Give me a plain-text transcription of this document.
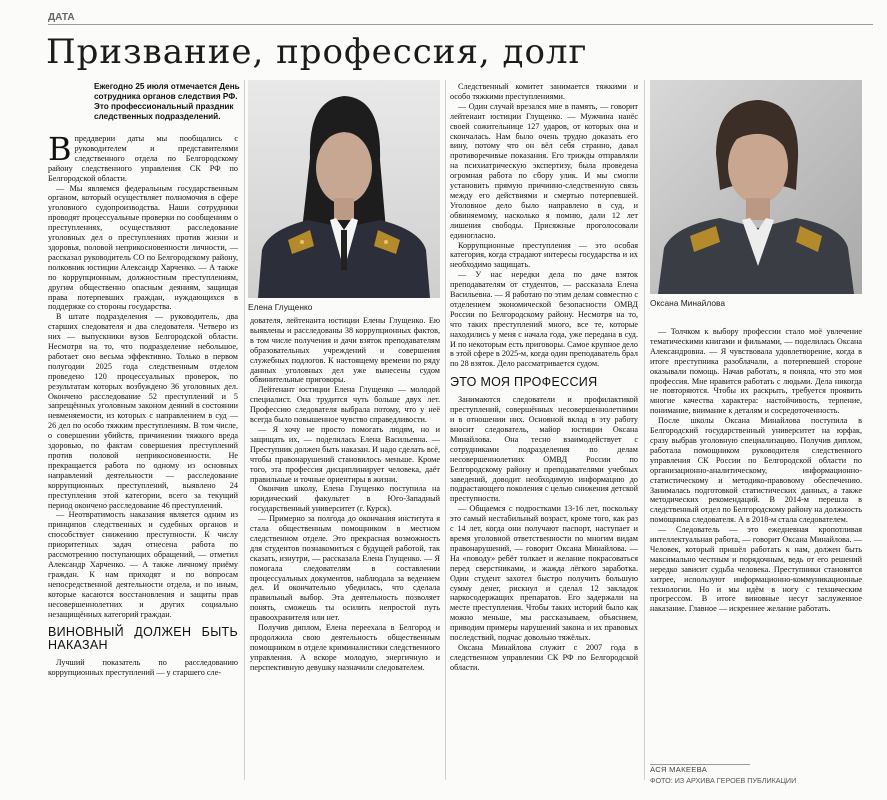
ДАТА
Призвание, профессия, долг
Ежегодно 25 июля отмечается День сотрудника органов следствия РФ. Это профессиональный праздник следственных подразделений.

Впреддверии даты мы пообщались с руководителем и представителями следственного отдела по Белгородскому району следственного управления СК РФ по Белгородской области.

— Мы являемся федеральным государственным органом, который осуществляет полномочия в сфере уголовного судопроизводства. Наши сотрудники проводят процессуальные проверки по сообщениям о преступлениях, осуществляют расследование уголовных дел о преступлениях против жизни и здоровья, половой неприкосновенности личности, — рассказал руководитель СО по Белгородскому району, полковник юстиции Александр Харченко. — А также по коррупционным, должностным преступлениям, другим общественно опасным деяниям, защищая права потерпевших граждан, нуждающихся в поддержке со стороны государства.

В штате подразделения — руководитель, два старших следователя и два следователя. Четверо из них — выпускники вузов Белгородской области. Несмотря на то, что подразделение небольшое, работает оно весьма эффективно. Только в первом полугодии 2025 года следственным отделом проведено 120 процессуальных проверок, по результатам которых возбуждено 36 уголовных дел. Окончено расследование 52 преступлений и 5 запрещённых уголовным законом деяний в состоянии невменяемости, из которых с направлением в суд — 26 дел по особо тяжким преступлениям. В том числе, о совершении убийств, причинении тяжкого вреда здоровью, по фактам совершения преступлений против половой неприкосновенности. Не прекращается работа по одному из основных направлений деятельности — расследование коррупционных преступлений, выявлено 24 преступления этой категории, всего за текущий период окончено расследование 46 преступлений.

— Неотвратимость наказания является одним из принципов следственных и судебных органов и способствует снижению преступности. К числу приоритетных задач отнесена работа по рассмотрению поступающих обращений, — отметил Александр Харченко. — А также личному приёму граждан. К нам приходят и по вопросам непосредственной деятельности отдела, и по иным, которые касаются восстановления и защиты прав несовершеннолетних и других социально незащищённых категорий граждан.

ВИНОВНЫЙ ДОЛЖЕН БЫТЬ НАКАЗАН

Лучший показатель по расследованию коррупционных преступлений — у старшего сле-

Елена Глущенко

дователя, лейтенанта юстиции Елены Глущенко. Ею выявлены и расследованы 38 коррупционных фактов, в том числе получения и дачи взяток преподавателям образовательных учреждений и совершения служебных подлогов. К настоящему времени по ряду данных уголовных дел уже вынесены судом обвинительные приговоры.

Лейтенант юстиции Елена Глущенко — молодой специалист. Она трудится чуть больше двух лет. Профессию следователя выбрала потому, что у неё всегда было повышенное чувство справедливости.

— Я хочу не просто помогать людям, но и защищать их, — поделилась Елена Васильевна. — Преступник должен быть наказан. И надо сделать всё, чтобы правонарушений становилось меньше. Кроме того, эта профессия дисциплинирует человека, даёт правильные и точные ориентиры в жизни.

Окончив школу, Елена Глущенко поступила на юридический факультет в Юго-Западный государственный университет (г. Курск).

— Примерно за полгода до окончания института я стала общественным помощником в местном следственном отделе. Это прекрасная возможность для студентов познакомиться с будущей работой, так сказать, изнутри, — рассказала Елена Глущенко. — Я помогала следователям в составлении процессуальных документов, наблюдала за ведением дел. И окончательно убедилась, что сделала правильный выбор. Эта деятельность позволяет понять, сможешь ты осилить непростой путь правоохранителя или нет.

Получив диплом, Елена переехала в Белгород и продолжила свою деятельность общественным помощником в отделе криминалистики следственного управления. А вскоре молодую, энергичную и перспективную девушку назначили следователем.

Следственный комитет занимается тяжкими и особо тяжкими преступлениями.

— Один случай врезался мне в память, — говорит лейтенант юстиции Глущенко. — Мужчина нанёс своей сожительнице 127 ударов, от которых она и скончалась. Нам было очень трудно доказать его вину, потому что он вёл себя странно, давал противоречивые показания. Его трижды отправляли на психиатрическую экспертизу, была проведена огромная работа по сбору улик. И мы смогли установить прямую причинно-следственную связь между его действиями и смертью потерпевшей. Уголовное дело было направлено в суд, и обвиняемому, насколько я помню, дали 12 лет лишения свободы. Присяжные проголосовали единогласно.

Коррупционные преступления — это особая категория, когда страдают интересы государства и их необходимо защищать.

— У нас нередки дела по даче взяток преподавателям от студентов, — рассказала Елена Васильевна. — Я работаю по этим делам совместно с отделением экономической безопасности ОМВД России по Белгородскому району. Несмотря на то, что таких преступлений много, все те, которые находились у меня с начала года, уже передана в суд. И по некоторым есть приговоры. Самое крупное дело в этой сфере в 2025-м, когда один преподаватель брал по 28 взяток. Дело рассматривается судом.

ЭТО МОЯ ПРОФЕССИЯ

Занимаются следователи и профилактикой преступлений, совершённых несовершеннолетними и в отношении них. Основной вклад в эту работу вносит следователь, майор юстиции Оксана Минайлова. Она тесно взаимодействует с сотрудниками подразделения по делам несовершеннолетних ОМВД России по Белгородскому району и преподавателями учебных заведений, доводит необходимую информацию до подрастающего поколения с целью снижения детской преступности.

— Общаемся с подростками 13-16 лет, поскольку это самый нестабильный возраст, кроме того, как раз с 14 лет, когда они получают паспорт, наступает и время уголовной ответственности по многим видам правонарушений, — говорит Оксана Минайлова. — На «поводу» ребёт толкает и желание покрасоваться перед сверстниками, и жажда лёгкого заработка. Один студент захотел быстро получить большую сумму денег, рискнул и сделал 12 закладок наркосодержащих препаратов. Его задержали на месте преступления. Чтобы таких историй было как можно меньше, мы рассказываем, объясняем, приводим примеры нарушений закона и их правовых последствий, подчас довольно тяжёлых.

Оксана Минайлова служит с 2007 года в следственном управлении СК РФ по Белгородской области.

Оксана Минайлова

— Толчком к выбору профессии стало моё увлечение тематическими книгами и фильмами, — поделилась Оксана Александровна. — Я чувствовала удовлетворение, когда в итоге преступника разоблачали, а потерпевшей стороне оказывали помощь. Начав работать, я поняла, что это моя профессия. Мне нравится работать с людьми. Дела никогда не повторяются. Чтобы их раскрыть, требуется проявить многие качества характера: настойчивость, терпение, понимание, внимание к деталям и сосредоточенность.

После школы Оксана Минайлова поступила в Белгородский государственный университет на юрфак, сразу выбрав уголовную специализацию. Получив диплом, работала помощником руководителя следственного управления СК России по Белгородской области по организационно-аналитическому, информационно-статистическому и методико-правовому обеспечению. Занималась подготовкой статистических данных, а также методических рекомендаций. В 2014-м перешла в следственный отдел по Белгородскому району на должность помощника следователя. А в 2018-м стала следователем.

— Следователь — это ежедневная кропотливая интеллектуальная работа, — говорит Оксана Минайлова. — Человек, который пришёл работать к нам, должен быть максимально честным и порядочным, ведь от его решений нередко зависит судьба человека. Преступники становятся хитрее, используют информационно-коммуникационные технологии. Но и мы идём в ногу с техническим прогрессом. В итоге виновные несут заслуженное наказание. Главное — искреннее желание работать.

АСЯ МАКЕЕВА
ФОТО: ИЗ АРХИВА ГЕРОЕВ ПУБЛИКАЦИИ
